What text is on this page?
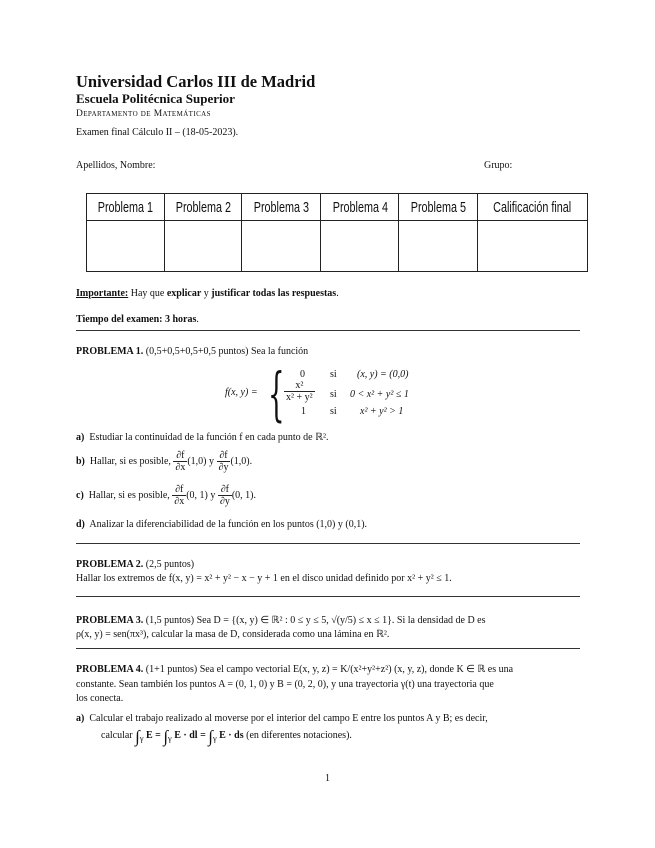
Universidad Carlos III de Madrid
Escuela Politécnica Superior
Departamento de Matemáticas
Examen final Cálculo II – (18-05-2023).
Apellidos, Nombre:	Grupo:
Problema 1	Problema 2	Problema 3	Problema 4	Problema 5	Calificación final

Importante: Hay que explicar y justificar todas las respuestas.
Tiempo del examen: 3 horas.
PROBLEMA 1. (0,5+0,5+0,5+0,5 puntos) Sea la función
f(x, y) = { 0	si (x, y) = (0,0)
$\frac{\text{x²}}{\text{x² + y²}}$ si 0 < x² + y² ≤ 1
1 si x² + y² > 1
a) Estudiar la continuidad de la función f en cada punto de ℝ².
b) Hallar, si es posible, $\frac{\partial f}{\partial x} (1,0)$ y $\frac{\partial f}{\partial y} (1,0)$.
c) Hallar, si es posible, $\frac{\partial f}{\partial x} (0$, 1) y $\frac{\partial f}{\partial y} (0$, 1).
d) Analizar la diferenciabilidad de la función en los puntos (1,0) y (0,1).
PROBLEMA 2. (2,5 puntos)
Hallar los extremos de f(x, y) = x² + y² − x − y + 1 en el disco unidad definido por x² + y² ≤ 1.
PROBLEMA 3. (1,5 puntos) Sea D = {(x, y) ∈ ℝ² : 0 ≤ y ≤ 5, √(y/5) ≤ x ≤ 1}. Si la densidad de D es
ρ(x, y) = sen(πx³), calcular la masa de D, considerada como una lámina en ℝ².
PROBLEMA 4. (1+1 puntos) Sea el campo vectorial E(x, y, z) = K/(x²+y²+z²) (x, y, z), donde K ∈ ℝ es una
constante. Sean también los puntos A = (0, 1, 0) y B = (0, 2, 0), y una trayectoria γ(t) una trayectoria que
los conecta.
a) Calcular el trabajo realizado al moverse por el interior del campo E entre los puntos A y B; es decir,
calcular $\int_\gamma$ $E = \int_\gamma$ E · dl = $\int_\gamma$ E · ds (en diferentes notaciones).
1
